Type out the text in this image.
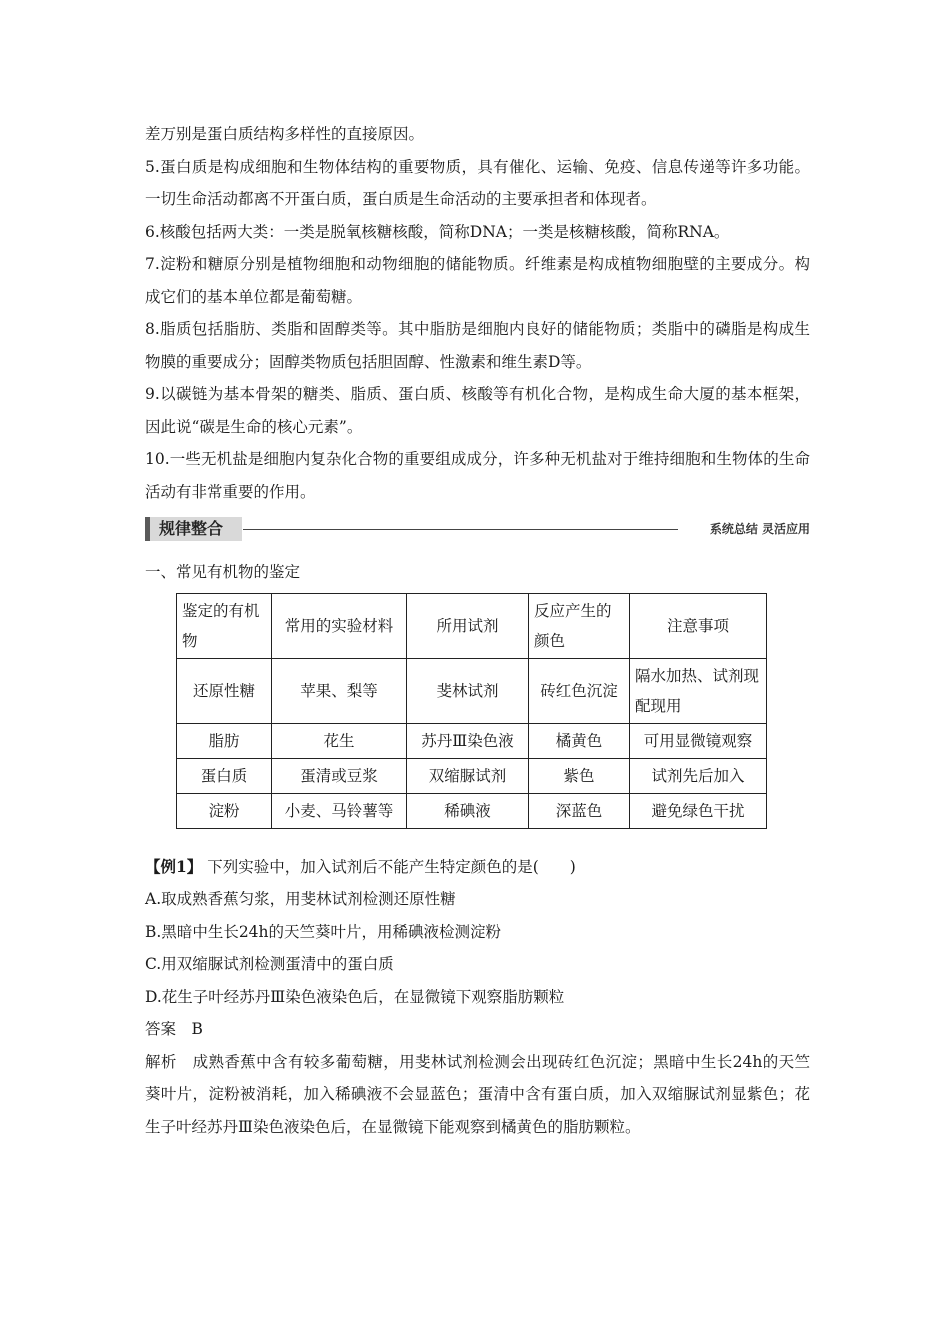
差万别是蛋白质结构多样性的直接原因。

5.蛋白质是构成细胞和生物体结构的重要物质，具有催化、运输、免疫、信息传递等许多功能。一切生命活动都离不开蛋白质，蛋白质是生命活动的主要承担者和体现者。

6.核酸包括两大类：一类是脱氧核糖核酸，简称DNA；一类是核糖核酸，简称RNA。

7.淀粉和糖原分别是植物细胞和动物细胞的储能物质。纤维素是构成植物细胞壁的主要成分。构成它们的基本单位都是葡萄糖。

8.脂质包括脂肪、类脂和固醇类等。其中脂肪是细胞内良好的储能物质；类脂中的磷脂是构成生物膜的重要成分；固醇类物质包括胆固醇、性激素和维生素D等。

9.以碳链为基本骨架的糖类、脂质、蛋白质、核酸等有机化合物，是构成生命大厦的基本框架，因此说“碳是生命的核心元素”。

10.一些无机盐是细胞内复杂化合物的重要组成成分，许多种无机盐对于维持细胞和生物体的生命活动有非常重要的作用。

规律整合	系统总结 灵活应用

一、常见有机物的鉴定

鉴定的有机物	常用的实验材料	所用试剂	反应产生的颜色	注意事项
还原性糖	苹果、梨等	斐林试剂	砖红色沉淀	隔水加热、试剂现配现用
脂肪	花生	苏丹Ⅲ染色液	橘黄色	可用显微镜观察
蛋白质	蛋清或豆浆	双缩脲试剂	紫色	试剂先后加入
淀粉	小麦、马铃薯等	稀碘液	深蓝色	避免绿色干扰

【例1】 下列实验中，加入试剂后不能产生特定颜色的是(　　)

A.取成熟香蕉匀浆，用斐林试剂检测还原性糖

B.黑暗中生长24h的天竺葵叶片，用稀碘液检测淀粉

C.用双缩脲试剂检测蛋清中的蛋白质

D.花生子叶经苏丹Ⅲ染色液染色后，在显微镜下观察脂肪颗粒

答案　B

解析　成熟香蕉中含有较多葡萄糖，用斐林试剂检测会出现砖红色沉淀；黑暗中生长24h的天竺葵叶片，淀粉被消耗，加入稀碘液不会显蓝色；蛋清中含有蛋白质，加入双缩脲试剂显紫色；花生子叶经苏丹Ⅲ染色液染色后，在显微镜下能观察到橘黄色的脂肪颗粒。
